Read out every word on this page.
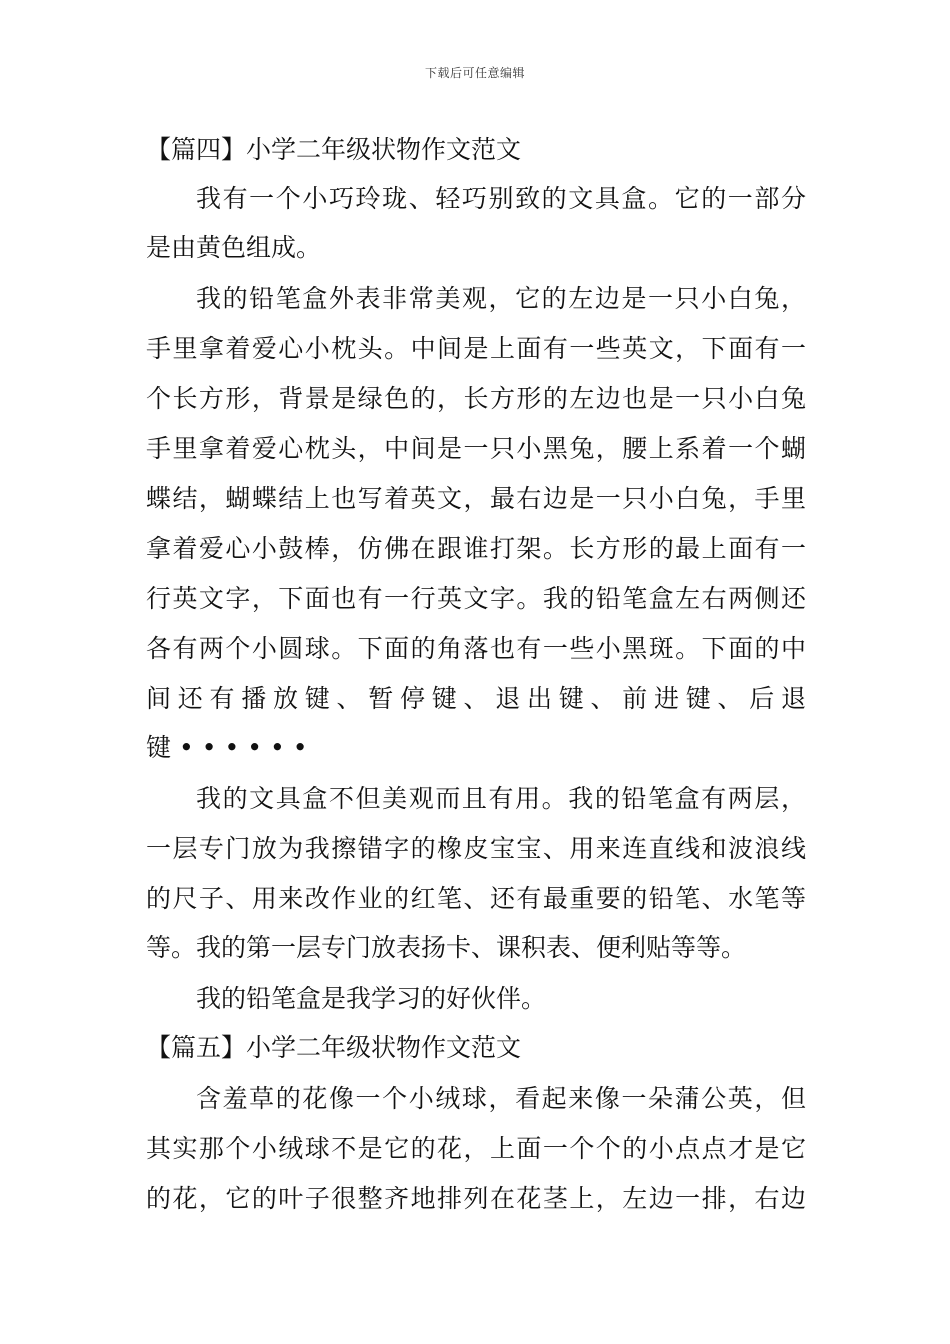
下载后可任意编辑
【篇四】小学二年级状物作文范文
我有一个小巧玲珑、轻巧别致的文具盒。它的一部分
是由黄色组成。
我的铅笔盒外表非常美观，它的左边是一只小白兔，
手里拿着爱心小枕头。中间是上面有一些英文，下面有一
个长方形，背景是绿色的，长方形的左边也是一只小白兔
手里拿着爱心枕头，中间是一只小黑兔，腰上系着一个蝴
蝶结，蝴蝶结上也写着英文，最右边是一只小白兔，手里
拿着爱心小鼓棒，仿佛在跟谁打架。长方形的最上面有一
行英文字，下面也有一行英文字。我的铅笔盒左右两侧还
各有两个小圆球。下面的角落也有一些小黑斑。下面的中
间还有播放键、暂停键、退出键、前进键、后退
键••••••
我的文具盒不但美观而且有用。我的铅笔盒有两层，
一层专门放为我擦错字的橡皮宝宝、用来连直线和波浪线
的尺子、用来改作业的红笔、还有最重要的铅笔、水笔等
等。我的第一层专门放表扬卡、课积表、便利贴等等。
我的铅笔盒是我学习的好伙伴。
【篇五】小学二年级状物作文范文
含羞草的花像一个小绒球，看起来像一朵蒲公英，但
其实那个小绒球不是它的花，上面一个个的小点点才是它
的花，它的叶子很整齐地排列在花茎上，左边一排，右边
